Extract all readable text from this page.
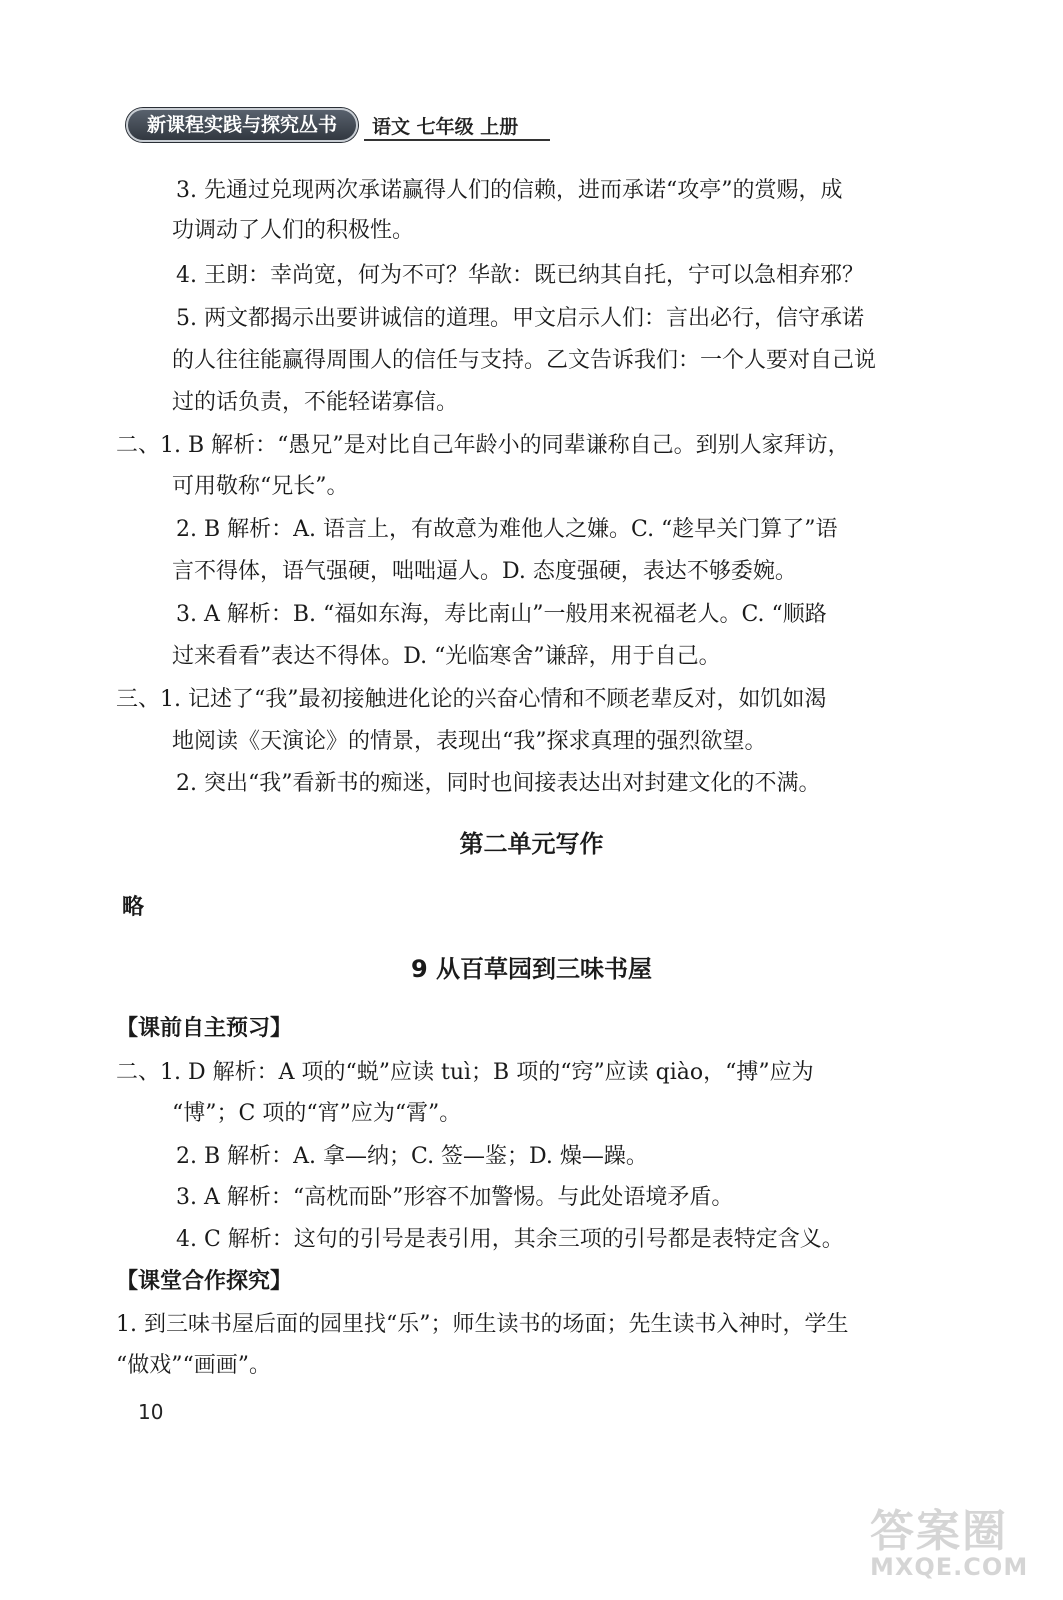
新课程实践与探究丛书	语文 七年级 上册
3. 先通过兑现两次承诺赢得人们的信赖，进而承诺“攻亭”的赏赐，成
功调动了人们的积极性。
4. 王朗：幸尚宽，何为不可？华歆：既已纳其自托，宁可以急相弃邪？
5. 两文都揭示出要讲诚信的道理。甲文启示人们：言出必行，信守承诺
的人往往能赢得周围人的信任与支持。乙文告诉我们：一个人要对自己说
过的话负责，不能轻诺寡信。
二、1. B 解析：“愚兄”是对比自己年龄小的同辈谦称自己。到别人家拜访，
可用敬称“兄长”。
2. B 解析：A. 语言上，有故意为难他人之嫌。C. “趁早关门算了”语
言不得体，语气强硬，咄咄逼人。D. 态度强硬，表达不够委婉。
3. A 解析：B. “福如东海，寿比南山”一般用来祝福老人。C. “顺路
过来看看”表达不得体。D. “光临寒舍”谦辞，用于自己。
三、1. 记述了“我”最初接触进化论的兴奋心情和不顾老辈反对，如饥如渴
地阅读《天演论》的情景，表现出“我”探求真理的强烈欲望。
2. 突出“我”看新书的痴迷，同时也间接表达出对封建文化的不满。
第二单元写作
略
9 从百草园到三味书屋
【课前自主预习】
二、1. D 解析：A 项的“蜕”应读 tuì；B 项的“窍”应读 qiào，“搏”应为
“博”；C 项的“宵”应为“霄”。
2. B 解析：A. 拿—纳；C. 签—鉴；D. 燥—躁。
3. A 解析：“高枕而卧”形容不加警惕。与此处语境矛盾。
4. C 解析：这句的引号是表引用，其余三项的引号都是表特定含义。
【课堂合作探究】
1. 到三味书屋后面的园里找“乐”；师生读书的场面；先生读书入神时，学生
“做戏”“画画”。
10
答案圈
MXQE.COM
